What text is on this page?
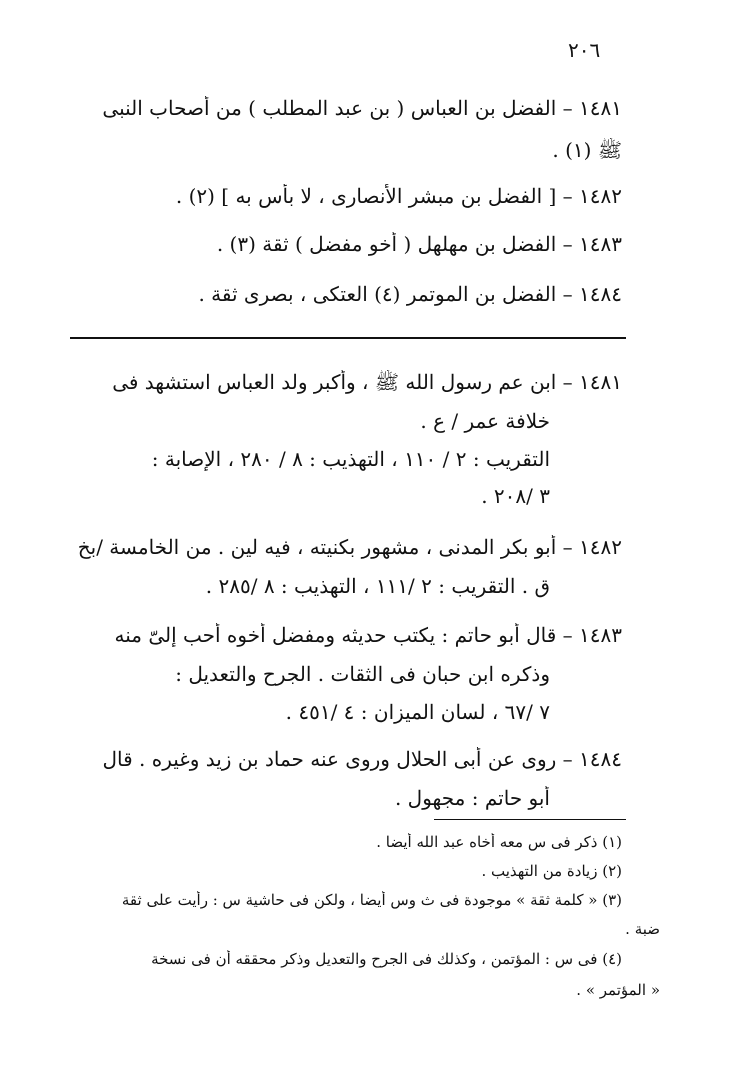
٢٠٦
١٤٨١ – الفضل بن العباس ( بن عبد المطلب ) من أصحاب النبى
ﷺ (١) .
١٤٨٢ – [ الفضل بن مبشر الأنصارى ، لا بأس به ] (٢) .
١٤٨٣ – الفضل بن مهلهل ( أخو مفضل ) ثقة (٣) .
١٤٨٤ – الفضل بن الموتمر (٤) العتكى ، بصرى ثقة .
١٤٨١ – ابن عم رسول الله ﷺ ، وأكبر ولد العباس استشهد فى
خلافة عمر / ع .
التقريب : ٢ / ١١٠ ، التهذيب : ٨ / ٢٨٠ ، الإصابة :
٣ /٢٠٨ .
١٤٨٢ – أبو بكر المدنى ، مشهور بكنيته ، فيه لين . من الخامسة /بخ
ق . التقريب : ٢ /١١١ ، التهذيب : ٨ /٢٨٥ .
١٤٨٣ – قال أبو حاتم : يكتب حديثه ومفضل أخوه أحب إلىّ منه
وذكره ابن حبان فى الثقات . الجرح والتعديل :
٧ /٦٧ ، لسان الميزان : ٤ /٤٥١ .
١٤٨٤ – روى عن أبى الحلال وروى عنه حماد بن زيد وغيره . قال
أبو حاتم : مجهول .
(١) ذكر فى س معه أخاه عبد الله أيضا .
(٢) زيادة من التهذيب .
(٣) « كلمة ثقة » موجودة فى ث وس أيضا ، ولكن فى حاشية س : رأيت على ثقة
ضبة .
(٤) فى س : المؤتمن ، وكذلك فى الجرح والتعديل وذكر محققه أن فى نسخة
« المؤتمر » .
